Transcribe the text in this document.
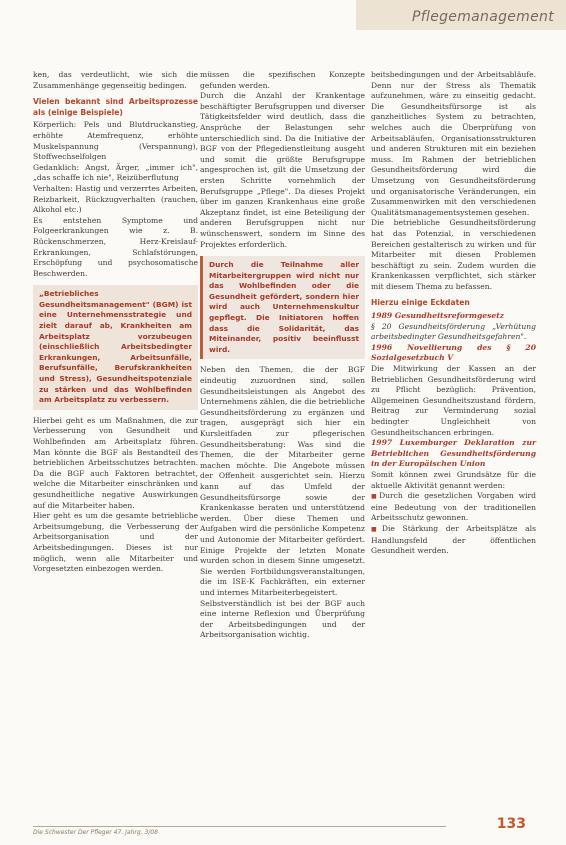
Pflegemanagement

ken, das verdeutlicht, wie sich die Zusammenhänge gegenseitig bedingen.

Vielen bekannt sind Arbeitsprozesse als (einige Beispiele)

Körperlich: Pels und Blutdruckanstieg, erhöhte Atemfrequenz, erhöhte Muskelspannung (Verspannung), Stoffwechselfolgen

Gedanklich: Angst, Ärger, „immer ich", „das schaffe ich nie", Reizüberflutung

Verhalten: Hastig und verzerrtes Arbeiten, Reizbarkeit, Rückzugverhalten (rauchen, Alkohol etc.)

Es entstehen Symptome und Folgeerkrankungen wie z. B. Rückenschmerzen, Herz-Kreislauf-Erkrankungen, Schlafstörungen, Erschöpfung und psychosomatische Beschwerden.

„Betriebliches Gesundheitsmanagement" (BGM) ist eine Unternehmensstrategie und zielt darauf ab, Krankheiten am Arbeitsplatz vorzubeugen (einschließlich Arbeitsbedingter Erkrankungen, Arbeitsunfälle, Berufsunfälle, Berufskrankheiten und Stress), Gesundheitspotenziale zu stärken und das Wohlbefinden am Arbeitsplatz zu verbessern.

Hierbei geht es um Maßnahmen, die zur Verbesserung von Gesundheit und Wohlbefinden am Arbeitsplatz führen. Man könnte die BGF als Bestandteil des betrieblichen Arbeitsschutzes betrachten. Da die BGF auch Faktoren betrachtet, welche die Mitarbeiter einschränken und gesundheitliche negative Auswirkungen auf die Mitarbeiter haben.

Hier geht es um die gesamte betriebliche Arbeitsumgebung, die Verbesserung der Arbeitsorganisation und der Arbeitsbedingungen. Dieses ist nur möglich, wenn alle Mitarbeiter und Vorgesetzten einbezogen werden.

müssen die spezifischen Konzepte gefunden werden.

Durch die Anzahl der Krankentage beschäftigter Berufsgruppen und diverser Tätigkeitsfelder wird deutlich, dass die Ansprüche der Belastungen sehr unterschiedlich sind. Da die Initiative der BGF von der Pflegedienstleitung ausgeht und somit die größte Berufsgruppe angesprochen ist, gilt die Umsetzung der ersten Schritte vornehmlich der Berufsgruppe „Pflege". Da dieses Projekt über im ganzen Krankenhaus eine große Akzeptanz findet, ist eine Beteiligung der anderen Berufsgruppen nicht nur wünschenswert, sondern im Sinne des Projektes erforderlich.

Durch die Teilnahme aller Mitarbeitergruppen wird nicht nur das Wohlbefinden oder die Gesundheit gefördert, sondern hier wird auch Unternehmenskultur gepflegt. Die Initiatoren hoffen dass die Solidarität, das Miteinander, positiv beeinflusst wird.

Neben den Themen, die der BGF eindeutig zuzuordnen sind, sollen Gesundheitsleistungen als Angebot des Unternehmens zählen, die die betriebliche Gesundheitsförderung zu ergänzen und tragen, ausgeprägt sich hier ein Kursleitfaden zur pflegerischen Gesundheitsberatung: Was sind die Themen, die der Mitarbeiter gerne machen möchte. Die Angebote müssen der Offenheit ausgerichtet sein. Hierzu kann auf das Umfeld der Gesundheitsfürsorge sowie der Krankenkasse beraten und unterstützend werden. Über diese Themen und Aufgaben wird die persönliche Kompetenz und Autonomie der Mitarbeiter gefördert. Einige Projekte der letzten Monate wurden schon in diesem Sinne umgesetzt. Sie werden Fortbildungsveranstaltungen, die im ISE-K Fachkräften, ein externer und internes Mitarbeiterbegeistert.

Selbstverständlich ist bei der BGF auch eine interne Reflexion und Überprüfung der Arbeitsbedingungen und der Arbeitsorganisation wichtig.

beitsbedingungen und der Arbeitsabläufe. Denn nur der Stress als Thematik aufzunehmen, wäre zu einseitig gedacht. Die Gesundheitsfürsorge ist als ganzheitliches System zu betrachten, welches auch die Überprüfung von Arbeitsabläufen, Organisationsstrukturen und anderen Strukturen mit ein beziehen muss. Im Rahmen der betrieblichen Gesundheitsförderung wird die Umsetzung von Gesundheitsförderung und organisatorische Veränderungen, ein Zusammenwirken mit den verschiedenen Qualitätsmanagementsystemen gesehen.

Die betriebliche Gesundheitsförderung hat das Potenzial, in verschiedenen Bereichen gestalterisch zu wirken und für Mitarbeiter mit diesen Problemen beschäftigt zu sein. Zudem wurden die Krankenkassen verpflichtet, sich stärker mit diesem Thema zu befassen.

Hierzu einige Eckdaten

1989 Gesundheitsreformgesetz

§ 20 Gesundheitsförderung „Verhütung arbeitsbedingter Gesundheitsgefahren".

1996 Novellierung des § 20 Sozialgesetzbuch V

Die Mitwirkung der Kassen an der Betrieblichen Gesundheitsförderung wird zu Pflicht bezüglich: Prävention, Allgemeinen Gesundheitszustand fördern, Beitrag zur Verminderung sozial bedingter Ungleichheit von Gesundheitschancen erbringen.

1997 Luxemburger Deklaration zur Betrieblichen Gesundheitsförderung in der Europäischen Union

Somit können zwei Grundsätze für die aktuelle Aktivität genannt werden:

■ Durch die gesetzlichen Vorgaben wird eine Bedeutung von der traditionellen Arbeitsschutz gewonnen.

■ Die Stärkung der Arbeitsplätze als Handlungsfeld der öffentlichen Gesundheit werden.

Die Schwester Der Pfleger 47. Jahrg. 3/08
133
